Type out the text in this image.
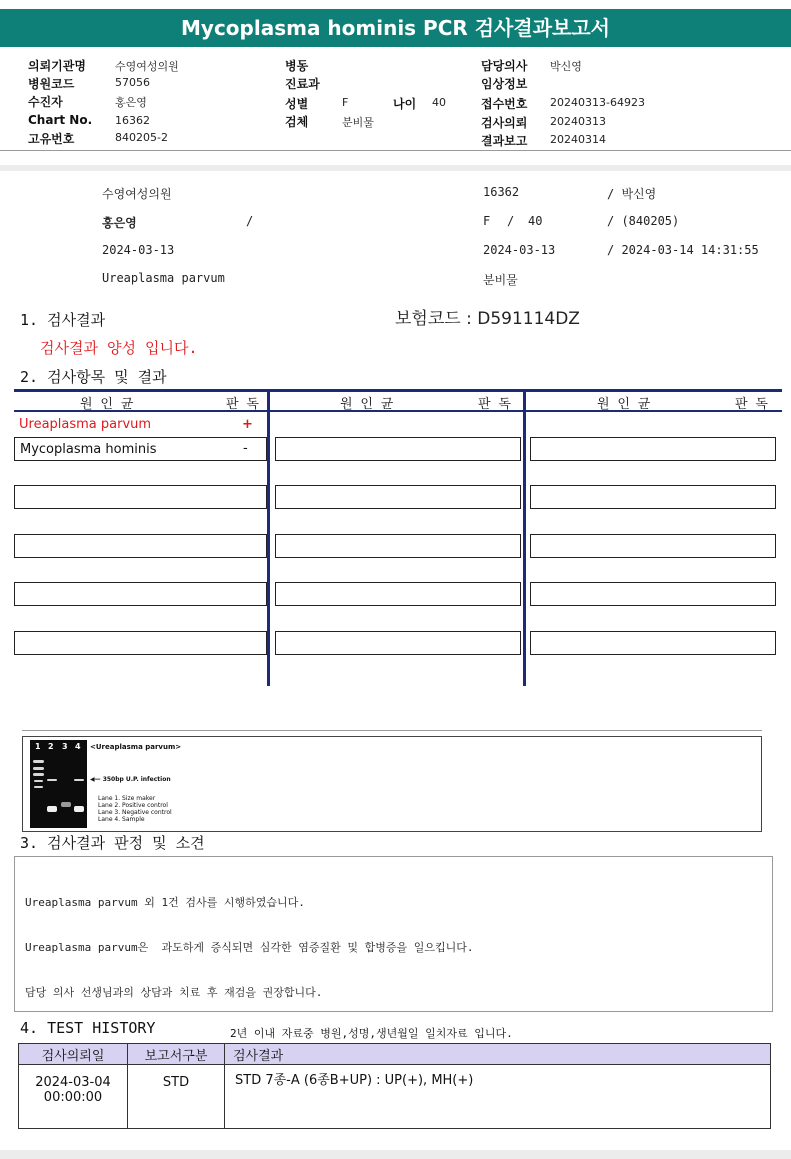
Mycoplasma hominis PCR 검사결과보고서
의뢰기관명	수영여성의원
병원코드	57056
수진자	홍은영
Chart No. 16362
고유번호	840205-2
병동
진료과
성별	F	나이 40
검체	분비물
담당의사 박신영
임상정보
접수번호 20240313-64923
검사의뢰 20240313
결과보고 20240314
수영여성의원	16362	/ 박신영
홍은영	/	F / 40	/ (840205)
2024-03-13	2024-03-13	/ 2024-03-14 14:31:55
Ureaplasma parvum	분비물
1. 검사결과	보험코드 : D591114DZ
검사결과 양성 입니다.
2. 검사항목 및 결과
원 인 균	판 독	원 인 균	판 독	원 인 균	판 독
Ureaplasma parvum	+
Mycoplasma hominis	-
1 2 3 4 <Ureaplasma parvum>
◀— 350bp U.P. infection
Lane 1. Size maker
Lane 2. Positive control
Lane 3. Negative control
Lane 4. Sample
3. 검사결과 판정 및 소견

Ureaplasma parvum 외 1건 검사를 시행하였습니다.

Ureaplasma parvum은  과도하게 증식되면 심각한 염증질환 및 합병증을 일으킵니다.

담당 의사 선생님과의 상담과 치료 후 재검을 권장합니다.

4. TEST HISTORY	2년 이내 자료중 병원,성명,생년월일 일치자료 입니다.
검사의뢰일	보고서구분	검사결과

2024-03-04
00:00:00	STD	STD 7종-A (6종B+UP) : UP(+), MH(+)
